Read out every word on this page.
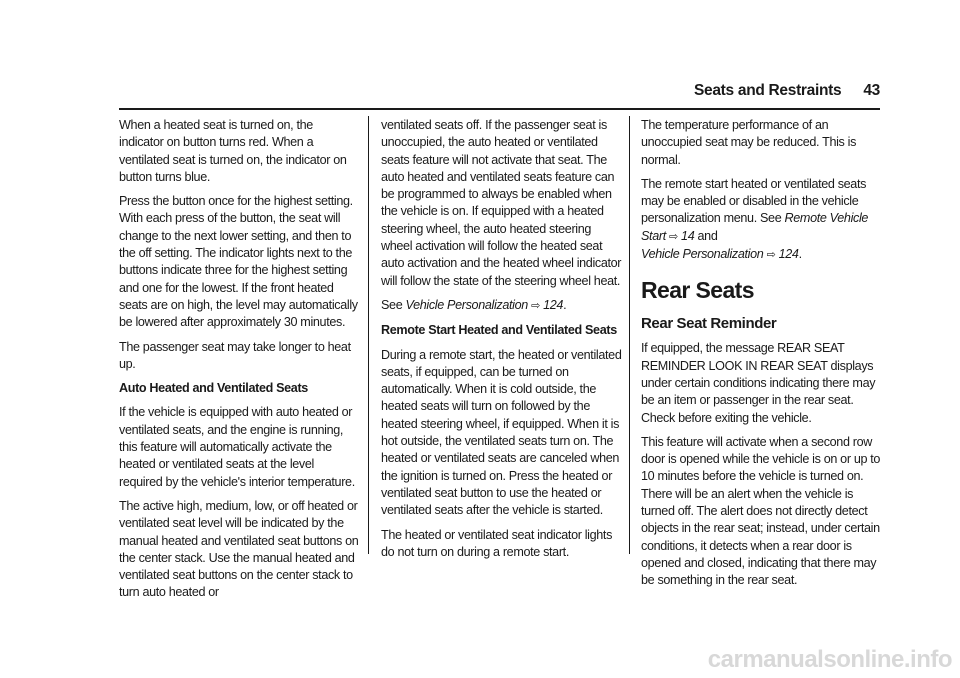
Seats and Restraints 43

When a heated seat is turned on, the indicator on button turns red. When a ventilated seat is turned on, the indicator on button turns blue.

Press the button once for the highest setting. With each press of the button, the seat will change to the next lower setting, and then to the off setting. The indicator lights next to the buttons indicate three for the highest setting and one for the lowest. If the front heated seats are on high, the level may automatically be lowered after approximately 30 minutes.

The passenger seat may take longer to heat up.

Auto Heated and Ventilated Seats

If the vehicle is equipped with auto heated or ventilated seats, and the engine is running, this feature will automatically activate the heated or ventilated seats at the level required by the vehicle's interior temperature.

The active high, medium, low, or off heated or ventilated seat level will be indicated by the manual heated and ventilated seat buttons on the center stack. Use the manual heated and ventilated seat buttons on the center stack to turn auto heated or

ventilated seats off. If the passenger seat is unoccupied, the auto heated or ventilated seats feature will not activate that seat. The auto heated and ventilated seats feature can be programmed to always be enabled when the vehicle is on. If equipped with a heated steering wheel, the auto heated steering wheel activation will follow the heated seat auto activation and the heated wheel indicator will follow the state of the steering wheel heat.

See Vehicle Personalization ⇨ 124.

Remote Start Heated and Ventilated Seats

During a remote start, the heated or ventilated seats, if equipped, can be turned on automatically. When it is cold outside, the heated seats will turn on followed by the heated steering wheel, if equipped. When it is hot outside, the ventilated seats turn on. The heated or ventilated seats are canceled when the ignition is turned on. Press the heated or ventilated seat button to use the heated or ventilated seats after the vehicle is started.

The heated or ventilated seat indicator lights do not turn on during a remote start.

The temperature performance of an unoccupied seat may be reduced. This is normal.

The remote start heated or ventilated seats may be enabled or disabled in the vehicle personalization menu. See Remote Vehicle Start ⇨ 14 and
Vehicle Personalization ⇨ 124.

Rear Seats
Rear Seat Reminder

If equipped, the message REAR SEAT REMINDER LOOK IN REAR SEAT displays under certain conditions indicating there may be an item or passenger in the rear seat. Check before exiting the vehicle.

This feature will activate when a second row door is opened while the vehicle is on or up to 10 minutes before the vehicle is turned on. There will be an alert when the vehicle is turned off. The alert does not directly detect objects in the rear seat; instead, under certain conditions, it detects when a rear door is opened and closed, indicating that there may be something in the rear seat.

carmanualsonline.info
